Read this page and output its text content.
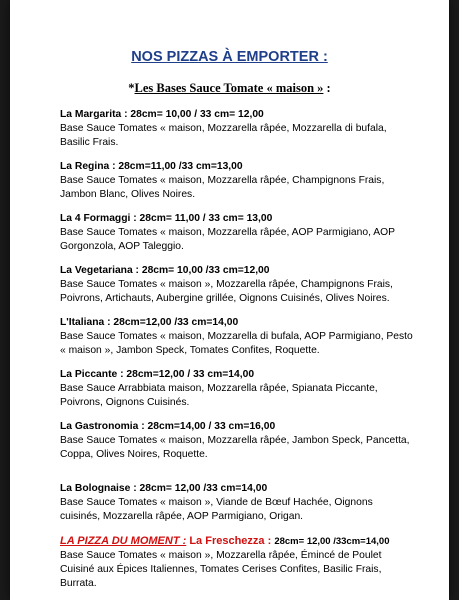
NOS PIZZAS À EMPORTER :
*Les Bases Sauce Tomate « maison » :
La Margarita : 28cm= 10,00 / 33 cm= 12,00
Base Sauce Tomates « maison, Mozzarella râpée, Mozzarella di bufala, Basilic Frais.
La Regina : 28cm=11,00 /33 cm=13,00
Base Sauce Tomates « maison, Mozzarella râpée, Champignons Frais, Jambon Blanc, Olives Noires.
La 4 Formaggi : 28cm= 11,00 / 33 cm= 13,00
Base Sauce Tomates « maison, Mozzarella râpée, AOP Parmigiano, AOP Gorgonzola, AOP Taleggio.
La Vegetariana : 28cm= 10,00 /33 cm=12,00
Base Sauce Tomates « maison », Mozzarella râpée, Champignons Frais, Poivrons, Artichauts, Aubergine grillée, Oignons Cuisinés, Olives Noires.
L'Italiana : 28cm=12,00 /33 cm=14,00
Base Sauce Tomates « maison, Mozzarella di bufala, AOP Parmigiano, Pesto « maison », Jambon Speck, Tomates Confites, Roquette.
La Piccante : 28cm=12,00 / 33 cm=14,00
Base Sauce Arrabbiata maison, Mozzarella râpée, Spianata Piccante, Poivrons, Oignons Cuisinés.
La Gastronomia : 28cm=14,00 / 33 cm=16,00
Base Sauce Tomates « maison, Mozzarella râpée, Jambon Speck, Pancetta, Coppa, Olives Noires, Roquette.
La Bolognaise : 28cm= 12,00 /33 cm=14,00
Base Sauce Tomates « maison », Viande de Bœuf Hachée, Oignons cuisinés, Mozzarella râpée, AOP Parmigiano, Origan.
LA PIZZA DU MOMENT : La Freschezza : 28cm= 12,00 /33cm=14,00
Base Sauce Tomates « maison », Mozzarella râpée, Émincé de Poulet Cuisiné aux Épices Italiennes, Tomates Cerises Confites, Basilic Frais, Burrata.
